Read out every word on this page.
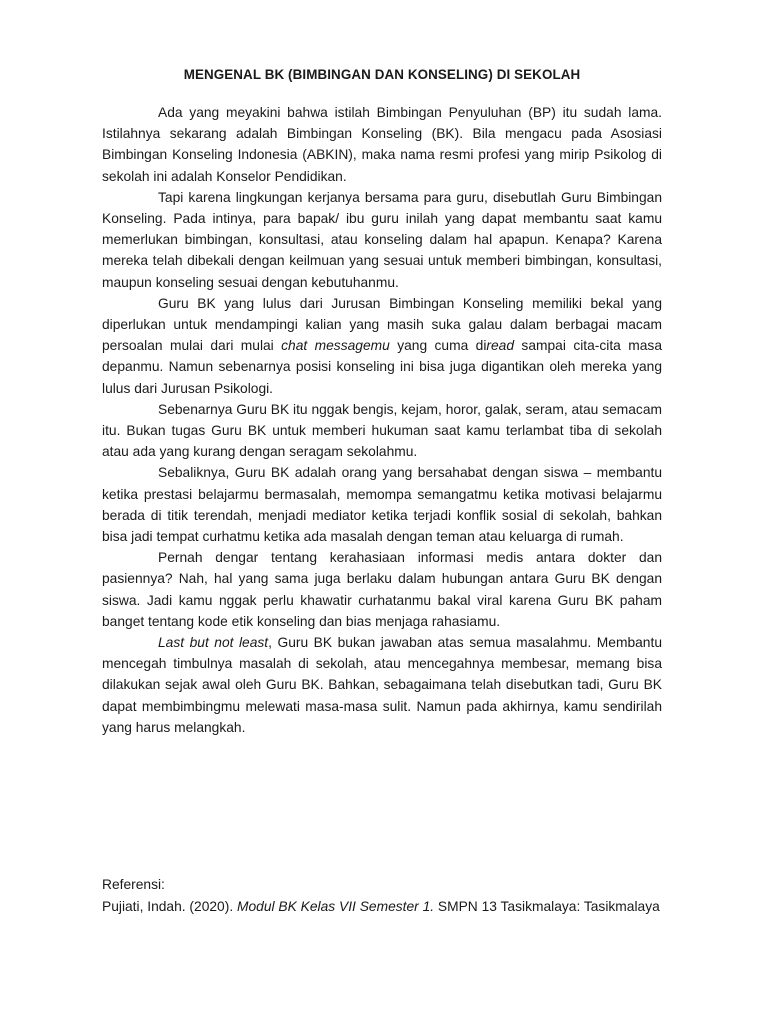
MENGENAL BK (BIMBINGAN DAN KONSELING) DI SEKOLAH

Ada yang meyakini bahwa istilah Bimbingan Penyuluhan (BP) itu sudah lama. Istilahnya sekarang adalah Bimbingan Konseling (BK). Bila mengacu pada Asosiasi Bimbingan Konseling Indonesia (ABKIN), maka nama resmi profesi yang mirip Psikolog di sekolah ini adalah Konselor Pendidikan.

Tapi karena lingkungan kerjanya bersama para guru, disebutlah Guru Bimbingan Konseling. Pada intinya, para bapak/ ibu guru inilah yang dapat membantu saat kamu memerlukan bimbingan, konsultasi, atau konseling dalam hal apapun. Kenapa? Karena mereka telah dibekali dengan keilmuan yang sesuai untuk memberi bimbingan, konsultasi, maupun konseling sesuai dengan kebutuhanmu.

Guru BK yang lulus dari Jurusan Bimbingan Konseling memiliki bekal yang diperlukan untuk mendampingi kalian yang masih suka galau dalam berbagai macam persoalan mulai dari mulai chat messagemu yang cuma diread sampai cita-cita masa depanmu. Namun sebenarnya posisi konseling ini bisa juga digantikan oleh mereka yang lulus dari Jurusan Psikologi.

Sebenarnya Guru BK itu nggak bengis, kejam, horor, galak, seram, atau semacam itu. Bukan tugas Guru BK untuk memberi hukuman saat kamu terlambat tiba di sekolah atau ada yang kurang dengan seragam sekolahmu.

Sebaliknya, Guru BK adalah orang yang bersahabat dengan siswa – membantu ketika prestasi belajarmu bermasalah, memompa semangatmu ketika motivasi belajarmu berada di titik terendah, menjadi mediator ketika terjadi konflik sosial di sekolah, bahkan bisa jadi tempat curhatmu ketika ada masalah dengan teman atau keluarga di rumah.

Pernah dengar tentang kerahasiaan informasi medis antara dokter dan pasiennya? Nah, hal yang sama juga berlaku dalam hubungan antara Guru BK dengan siswa. Jadi kamu nggak perlu khawatir curhatanmu bakal viral karena Guru BK paham banget tentang kode etik konseling dan bias menjaga rahasiamu.

Last but not least, Guru BK bukan jawaban atas semua masalahmu. Membantu mencegah timbulnya masalah di sekolah, atau mencegahnya membesar, memang bisa dilakukan sejak awal oleh Guru BK. Bahkan, sebagaimana telah disebutkan tadi, Guru BK dapat membimbingmu melewati masa-masa sulit. Namun pada akhirnya, kamu sendirilah yang harus melangkah.

Referensi:

Pujiati, Indah. (2020). Modul BK Kelas VII Semester 1. SMPN 13 Tasikmalaya: Tasikmalaya
